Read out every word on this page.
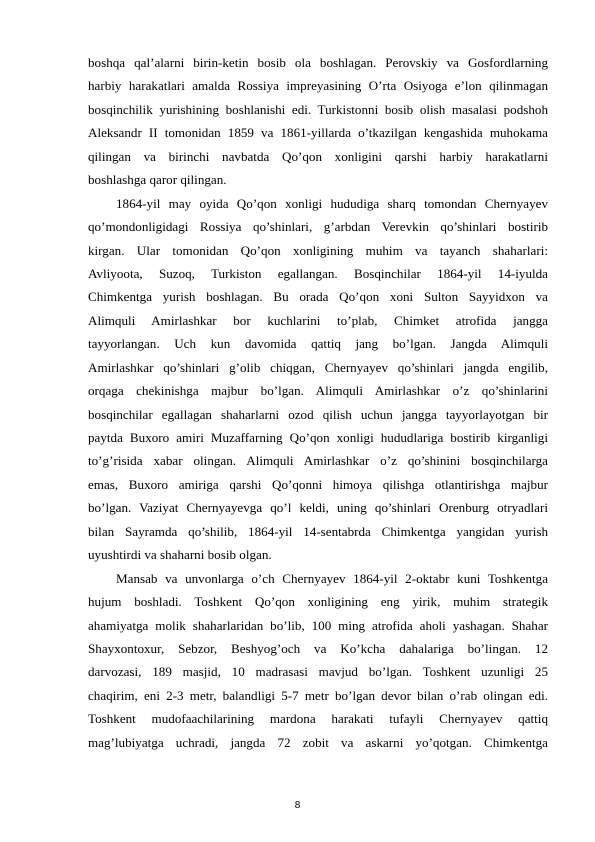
boshqa qal’alarni birin-ketin bosib ola boshlagan. Perovskiy va Gosfordlarning
harbiy harakatlari amalda Rossiya impreyasining O’rta Osiyoga e’lon qilinmagan
bosqinchilik yurishining boshlanishi edi. Turkistonni bosib olish masalasi podshoh
Aleksandr II tomonidan 1859 va 1861-yillarda o’tkazilgan kengashida muhokama
qilingan va birinchi navbatda Qo’qon xonligini qarshi harbiy harakatlarni
boshlashga qaror qilingan.
1864-yil may oyida Qo’qon xonligi hududiga sharq tomondan Chernyayev
qo’mondonligidagi Rossiya qo’shinlari, g’arbdan Verevkin qo’shinlari bostirib
kirgan. Ular tomonidan Qo’qon xonligining muhim va tayanch shaharlari:
Avliyoota, Suzoq, Turkiston egallangan. Bosqinchilar 1864-yil 14-iyulda
Chimkentga yurish boshlagan. Bu orada Qo’qon xoni Sulton Sayyidxon va
Alimquli Amirlashkar bor kuchlarini to’plab, Chimket atrofida jangga
tayyorlangan. Uch kun davomida qattiq jang bo’lgan. Jangda Alimquli
Amirlashkar qo’shinlari g’olib chiqgan, Chernyayev qo’shinlari jangda engilib,
orqaga chekinishga majbur bo’lgan. Alimquli Amirlashkar o’z qo’shinlarini
bosqinchilar egallagan shaharlarni ozod qilish uchun jangga tayyorlayotgan bir
paytda Buxoro amiri Muzaffarning Qo’qon xonligi hududlariga bostirib kirganligi
to’g’risida xabar olingan. Alimquli Amirlashkar o’z qo’shinini bosqinchilarga
emas, Buxoro amiriga qarshi Qo’qonni himoya qilishga otlantirishga majbur
bo’lgan. Vaziyat Chernyayevga qo’l keldi, uning qo’shinlari Orenburg otryadlari
bilan Sayramda qo’shilib, 1864-yil 14-sentabrda Chimkentga yangidan yurish
uyushtirdi va shaharni bosib olgan.
Mansab va unvonlarga o’ch Chernyayev 1864-yil 2-oktabr kuni Toshkentga
hujum boshladi. Toshkent Qo’qon xonligining eng yirik, muhim strategik
ahamiyatga molik shaharlaridan bo’lib, 100 ming atrofida aholi yashagan. Shahar
Shayxontoxur, Sebzor, Beshyog’och va Ko’kcha dahalariga bo’lingan. 12
darvozasi, 189 masjid, 10 madrasasi mavjud bo’lgan. Toshkent uzunligi 25
chaqirim, eni 2-3 metr, balandligi 5-7 metr bo’lgan devor bilan o’rab olingan edi.
Toshkent mudofaachilarining mardona harakati tufayli Chernyayev qattiq
mag’lubiyatga uchradi, jangda 72 zobit va askarni yo’qotgan. Chimkentga
8
